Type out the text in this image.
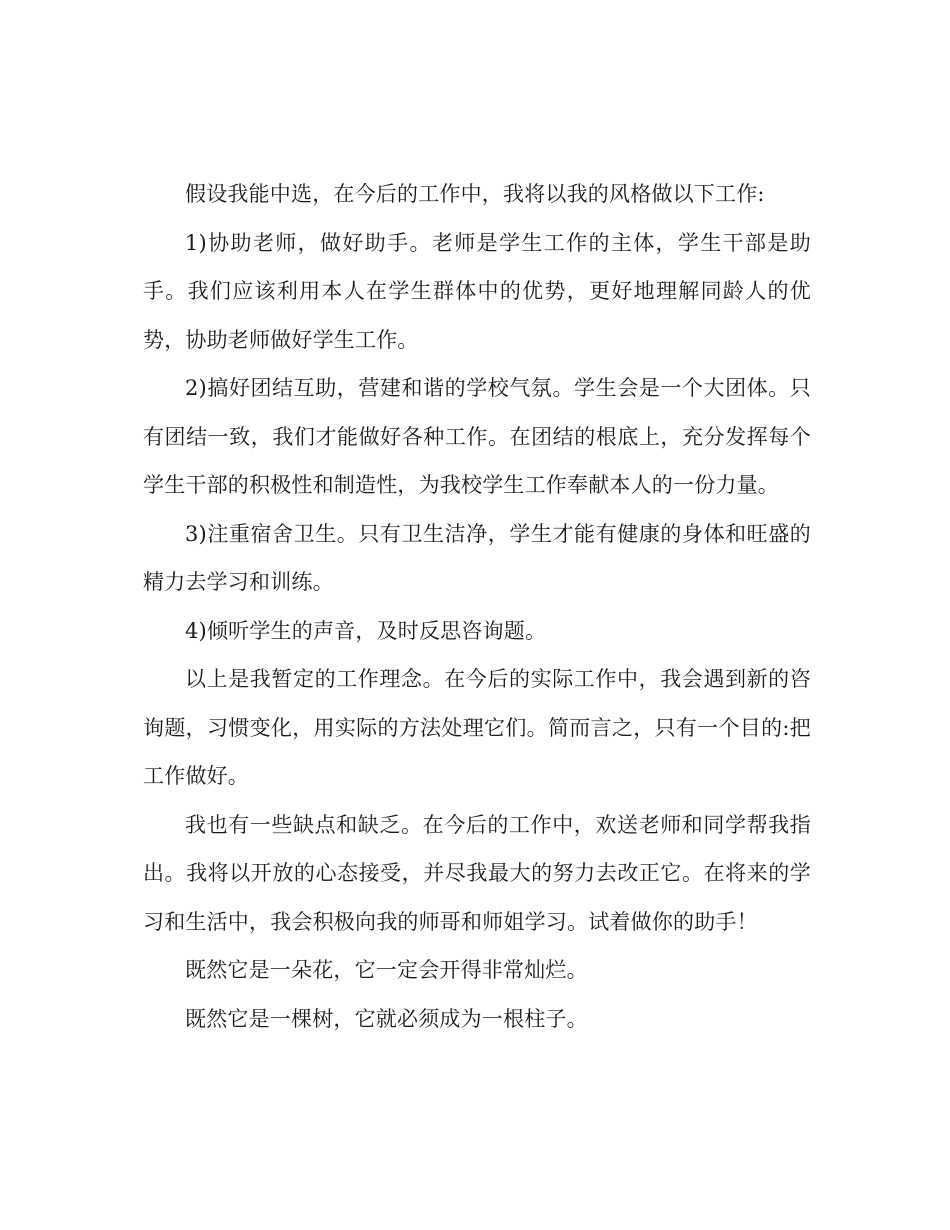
假设我能中选，在今后的工作中，我将以我的风格做以下工作:

1)协助老师，做好助手。老师是学生工作的主体，学生干部是助手。我们应该利用本人在学生群体中的优势，更好地理解同龄人的优势，协助老师做好学生工作。

2)搞好团结互助，营建和谐的学校气氛。学生会是一个大团体。只有团结一致，我们才能做好各种工作。在团结的根底上，充分发挥每个学生干部的积极性和制造性，为我校学生工作奉献本人的一份力量。

3)注重宿舍卫生。只有卫生洁净，学生才能有健康的身体和旺盛的精力去学习和训练。

4)倾听学生的声音，及时反思咨询题。

以上是我暂定的工作理念。在今后的实际工作中，我会遇到新的咨询题，习惯变化，用实际的方法处理它们。简而言之，只有一个目的:把工作做好。

我也有一些缺点和缺乏。在今后的工作中，欢送老师和同学帮我指出。我将以开放的心态接受，并尽我最大的努力去改正它。在将来的学习和生活中，我会积极向我的师哥和师姐学习。试着做你的助手！

既然它是一朵花，它一定会开得非常灿烂。

既然它是一棵树，它就必须成为一根柱子。
